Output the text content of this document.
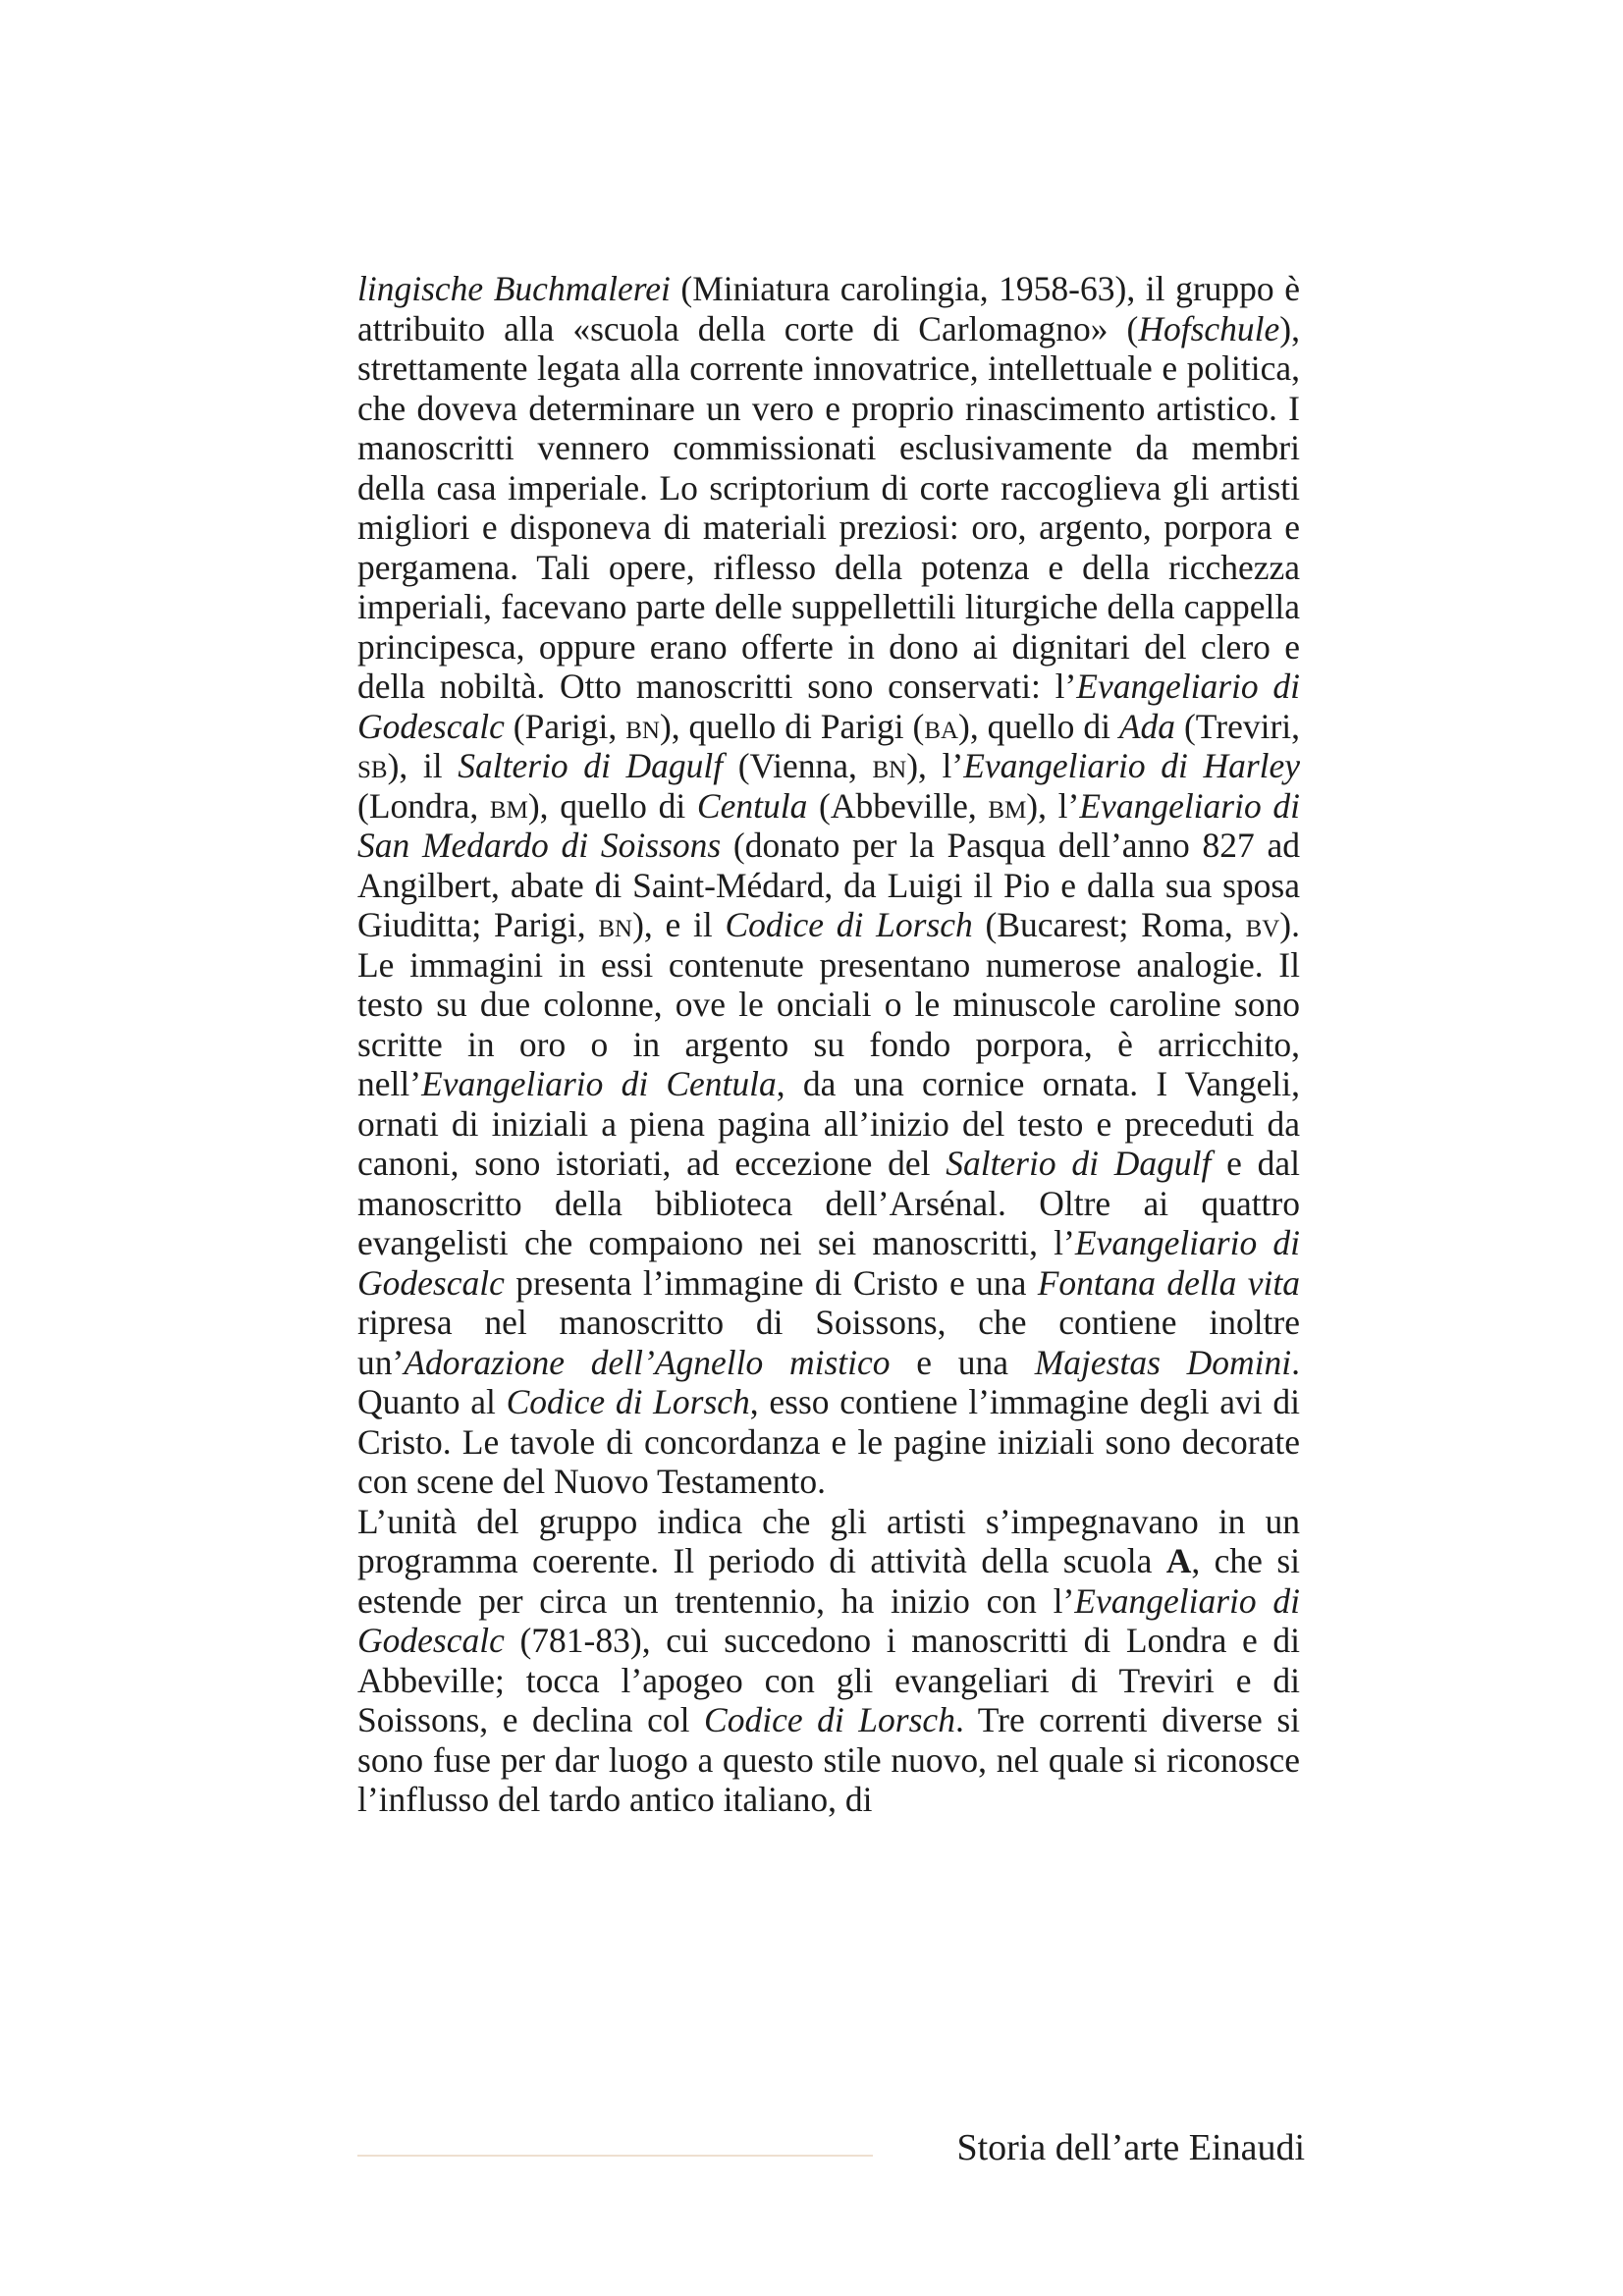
lingische Buchmalerei (Miniatura carolingia, 1958-63), il gruppo è attribuito alla «scuola della corte di Carlomagno» (Hofschule), strettamente legata alla corrente innovatrice, intellettuale e politica, che doveva determinare un vero e proprio rinascimento artistico. I manoscritti vennero commissionati esclusivamente da membri della casa imperiale. Lo scriptorium di corte raccoglieva gli artisti migliori e disponeva di materiali preziosi: oro, argento, porpora e pergamena. Tali opere, riflesso della potenza e della ricchezza imperiali, facevano parte delle suppellettili liturgiche della cappella principesca, oppure erano offerte in dono ai dignitari del clero e della nobiltà. Otto manoscritti sono conservati: l’Evangeliario di Godescalc (Parigi, bn), quello di Parigi (ba), quello di Ada (Treviri, sb), il Salterio di Dagulf (Vienna, bn), l’Evangeliario di Harley (Londra, bm), quello di Centula (Abbeville, bm), l’Evangeliario di San Medardo di Soissons (donato per la Pasqua dell’anno 827 ad Angilbert, abate di Saint-Médard, da Luigi il Pio e dalla sua sposa Giuditta; Parigi, bn), e il Codice di Lorsch (Bucarest; Roma, bv). Le immagini in essi contenute presentano numerose analogie. Il testo su due colonne, ove le onciali o le minuscole caroline sono scritte in oro o in argento su fondo porpora, è arricchito, nell’Evangeliario di Centula, da una cornice ornata. I Vangeli, ornati di iniziali a piena pagina all’inizio del testo e preceduti da canoni, sono istoriati, ad eccezione del Salterio di Dagulf e dal manoscritto della biblioteca dell’Arsénal. Oltre ai quattro evangelisti che compaiono nei sei manoscritti, l’Evangeliario di Godescalc presenta l’immagine di Cristo e una Fontana della vita ripresa nel manoscritto di Soissons, che contiene inoltre un’Adorazione dell’Agnello mistico e una Majestas Domini. Quanto al Codice di Lorsch, esso contiene l’immagine degli avi di Cristo. Le tavole di concordanza e le pagine iniziali sono decorate con scene del Nuovo Testamento.

L’unità del gruppo indica che gli artisti s’impegnavano in un programma coerente. Il periodo di attività della scuola A, che si estende per circa un trentennio, ha inizio con l’Evangeliario di Godescalc (781-83), cui succedono i manoscritti di Londra e di Abbeville; tocca l’apogeo con gli evangeliari di Treviri e di Soissons, e declina col Codice di Lorsch. Tre correnti diverse si sono fuse per dar luogo a questo stile nuovo, nel quale si riconosce l’influsso del tardo antico italiano, di

Storia dell’arte Einaudi
